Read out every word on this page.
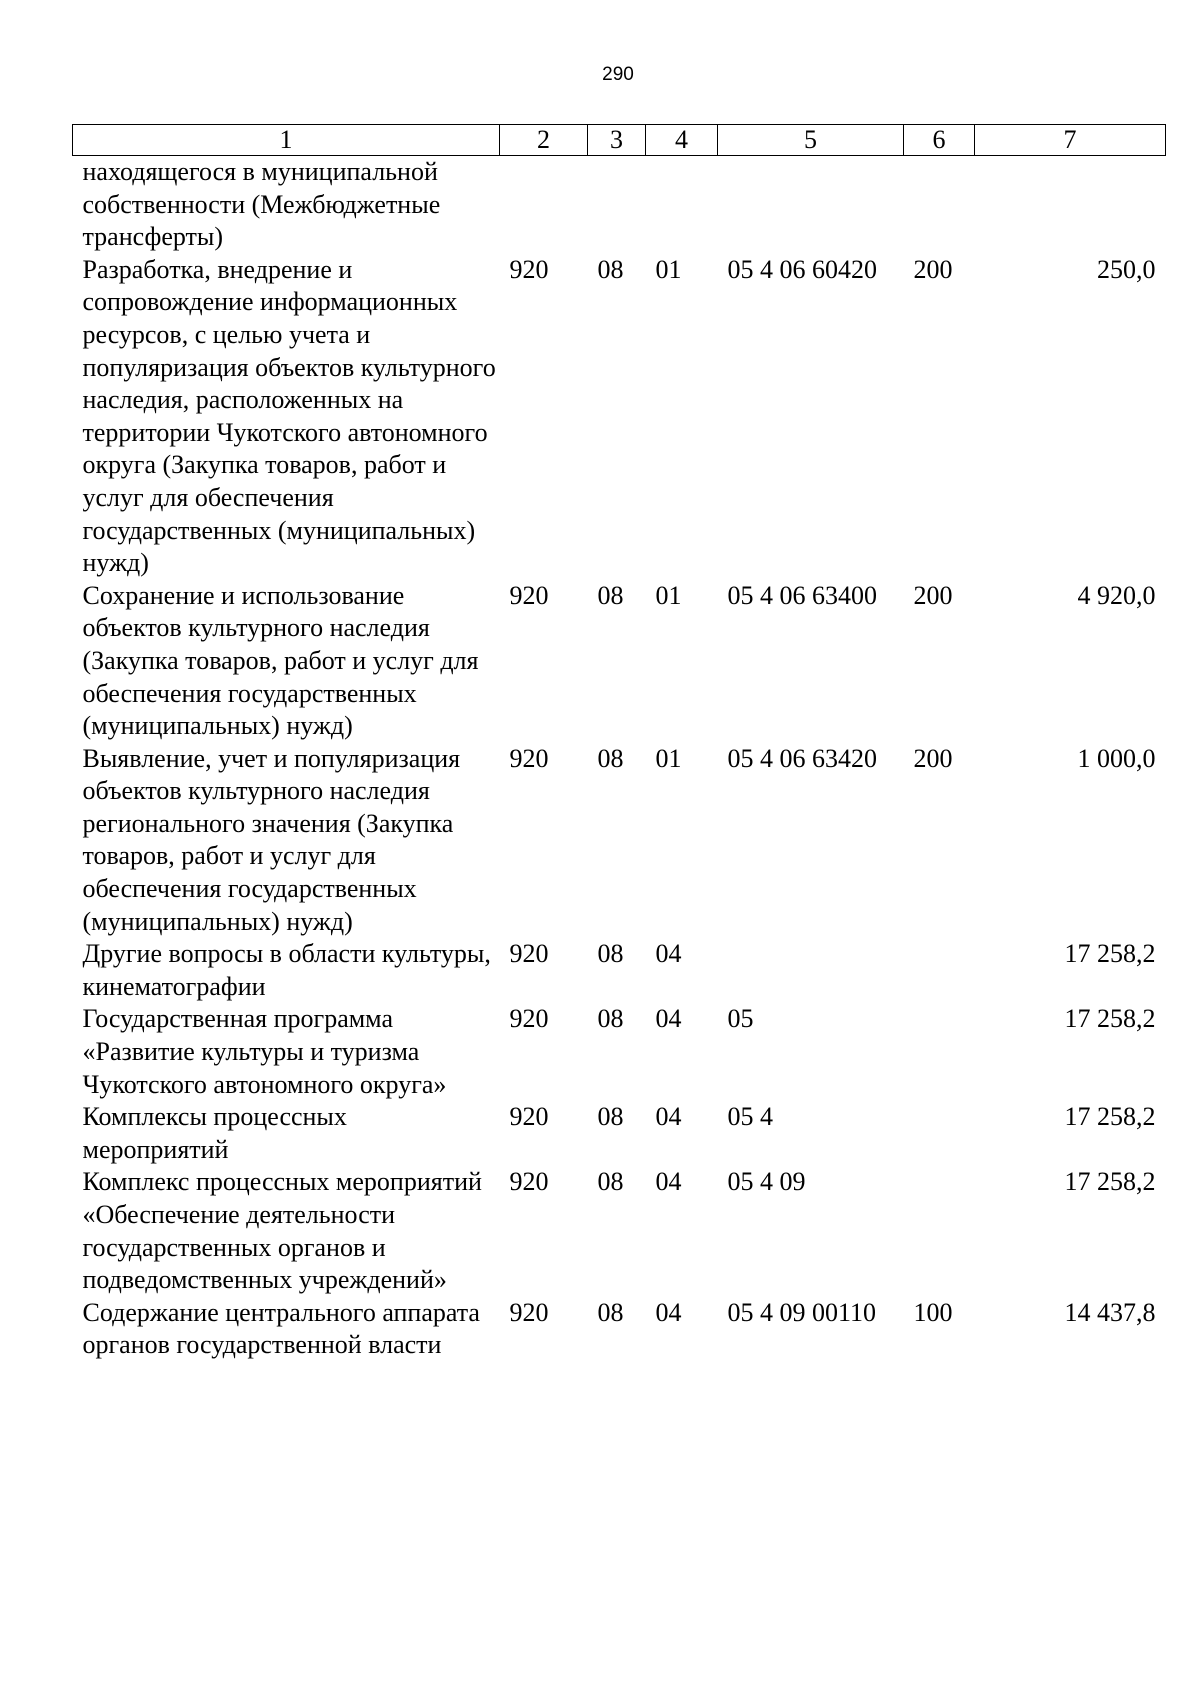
290
1	2	3	4	5	6	7
находящегося в муниципальной собственности (Межбюджетные трансферты)						
Разработка, внедрение и сопровождение информационных ресурсов, с целью учета и популяризация объектов культурного наследия, расположенных на территории Чукотского автономного округа (Закупка товаров, работ и услуг для обеспечения государственных (муниципальных) нужд)	920	08	01	05 4 06 60420	200	250,0
Сохранение и использование объектов культурного наследия (Закупка товаров, работ и услуг для обеспечения государственных (муниципальных) нужд)	920	08	01	05 4 06 63400	200	4 920,0
Выявление, учет и популяризация объектов культурного наследия регионального значения (Закупка товаров, работ и услуг для обеспечения государственных (муниципальных) нужд)	920	08	01	05 4 06 63420	200	1 000,0
Другие вопросы в области культуры, кинематографии	920	08	04			17 258,2
Государственная программа «Развитие культуры и туризма Чукотского автономного округа»	920	08	04	05		17 258,2
Комплексы процессных мероприятий	920	08	04	05 4		17 258,2
Комплекс процессных мероприятий «Обеспечение деятельности государственных органов и подведомственных учреждений»	920	08	04	05 4 09		17 258,2
Содержание центрального аппарата органов государственной власти	920	08	04	05 4 09 00110	100	14 437,8
